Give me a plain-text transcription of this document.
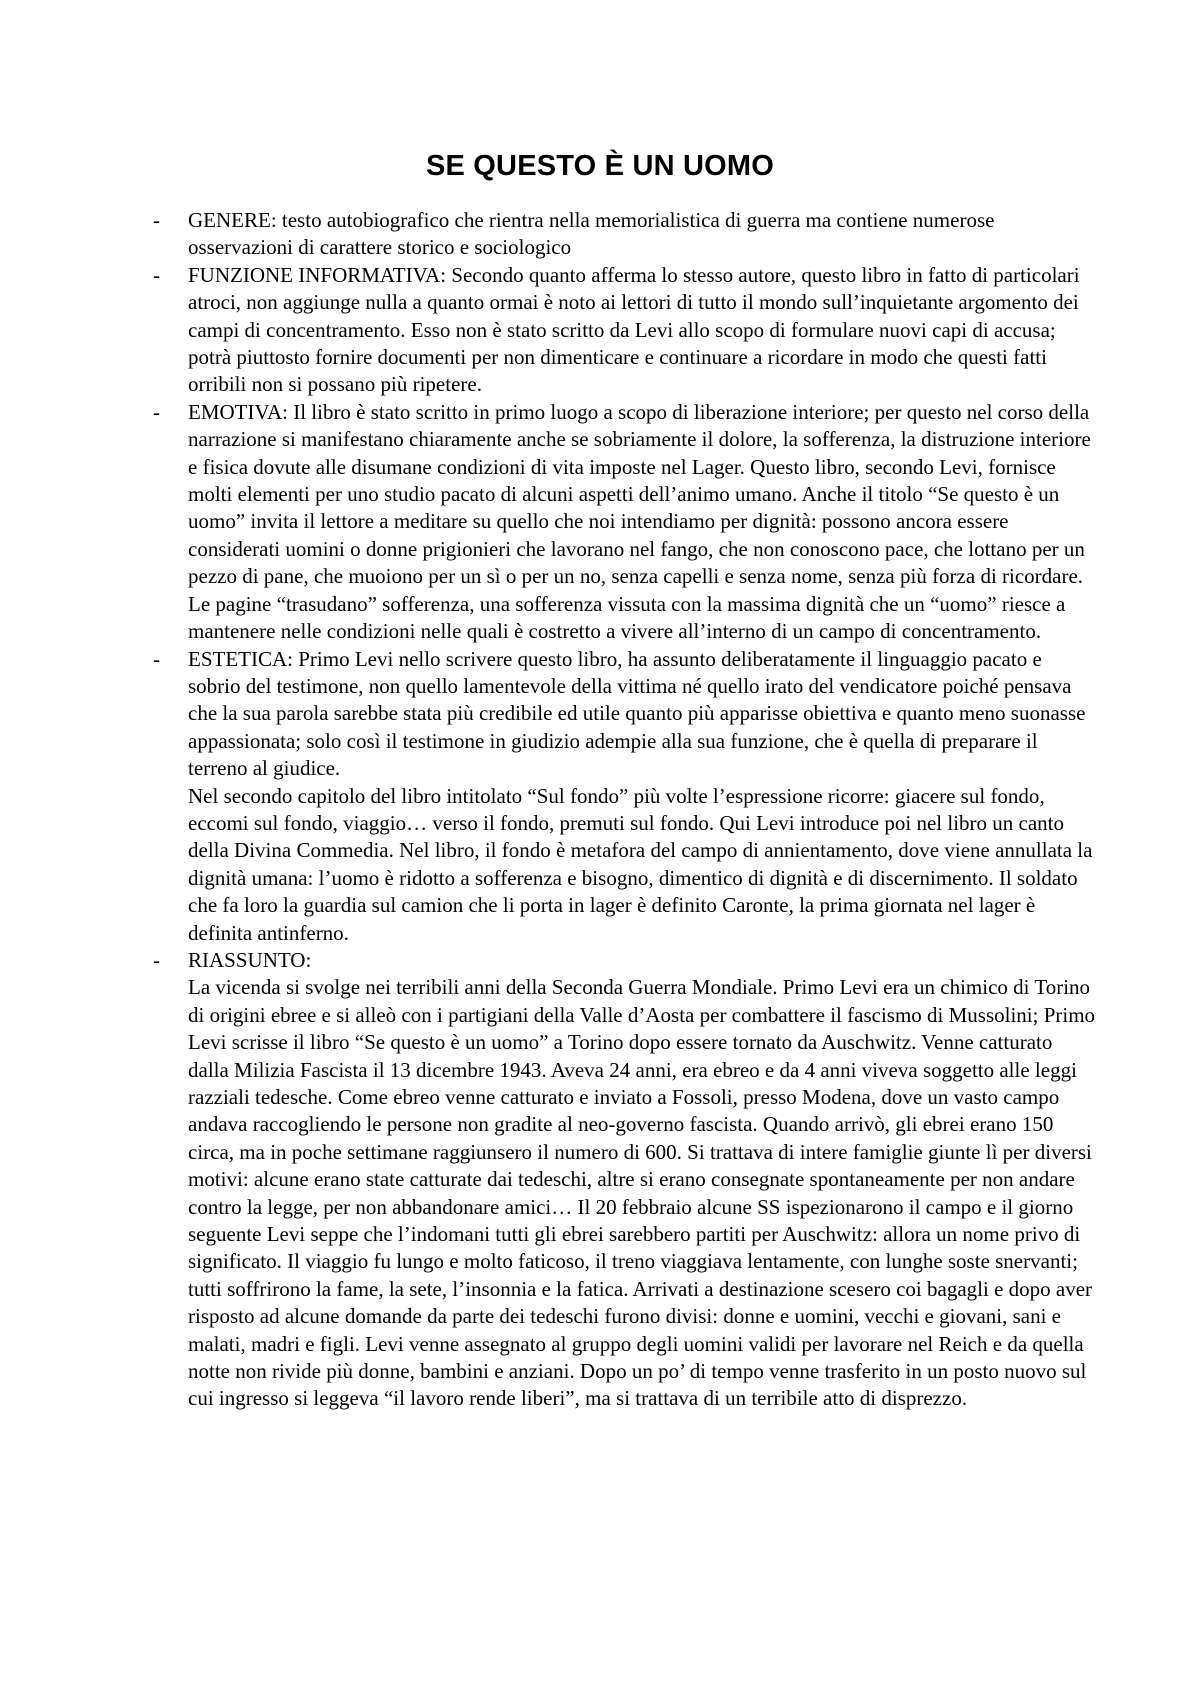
SE QUESTO È UN UOMO
- GENERE: testo autobiografico che rientra nella memorialistica di guerra ma contiene numerose osservazioni di carattere storico e sociologico

- FUNZIONE INFORMATIVA: Secondo quanto afferma lo stesso autore, questo libro in fatto di particolari atroci, non aggiunge nulla a quanto ormai è noto ai lettori di tutto il mondo sull’inquietante argomento dei campi di concentramento. Esso non è stato scritto da Levi allo scopo di formulare nuovi capi di accusa; potrà piuttosto fornire documenti per non dimenticare e continuare a ricordare in modo che questi fatti orribili non si possano più ripetere.

- EMOTIVA: Il libro è stato scritto in primo luogo a scopo di liberazione interiore; per questo nel corso della narrazione si manifestano chiaramente anche se sobriamente il dolore, la sofferenza, la distruzione interiore e fisica dovute alle disumane condizioni di vita imposte nel Lager. Questo libro, secondo Levi, fornisce molti elementi per uno studio pacato di alcuni aspetti dell’animo umano. Anche il titolo “Se questo è un uomo” invita il lettore a meditare su quello che noi intendiamo per dignità: possono ancora essere considerati uomini o donne prigionieri che lavorano nel fango, che non conoscono pace, che lottano per un pezzo di pane, che muoiono per un sì o per un no, senza capelli e senza nome, senza più forza di ricordare. Le pagine “trasudano” sofferenza, una sofferenza vissuta con la massima dignità che un “uomo” riesce a mantenere nelle condizioni nelle quali è costretto a vivere all’interno di un campo di concentramento.

- ESTETICA: Primo Levi nello scrivere questo libro, ha assunto deliberatamente il linguaggio pacato e sobrio del testimone, non quello lamentevole della vittima né quello irato del vendicatore poiché pensava che la sua parola sarebbe stata più credibile ed utile quanto più apparisse obiettiva e quanto meno suonasse appassionata; solo così il testimone in giudizio adempie alla sua funzione, che è quella di preparare il terreno al giudice.

Nel secondo capitolo del libro intitolato “Sul fondo” più volte l’espressione ricorre: giacere sul fondo, eccomi sul fondo, viaggio… verso il fondo, premuti sul fondo. Qui Levi introduce poi nel libro un canto della Divina Commedia. Nel libro, il fondo è metafora del campo di annientamento, dove viene annullata la dignità umana: l’uomo è ridotto a sofferenza e bisogno, dimentico di dignità e di discernimento. Il soldato che fa loro la guardia sul camion che li porta in lager è definito Caronte, la prima giornata nel lager è definita antinferno.

- RIASSUNTO:

La vicenda si svolge nei terribili anni della Seconda Guerra Mondiale. Primo Levi era un chimico di Torino di origini ebree e si alleò con i partigiani della Valle d’Aosta per combattere il fascismo di Mussolini; Primo Levi scrisse il libro “Se questo è un uomo” a Torino dopo essere tornato da Auschwitz. Venne catturato dalla Milizia Fascista il 13 dicembre 1943. Aveva 24 anni, era ebreo e da 4 anni viveva soggetto alle leggi razziali tedesche. Come ebreo venne catturato e inviato a Fossoli, presso Modena, dove un vasto campo andava raccogliendo le persone non gradite al neo-governo fascista. Quando arrivò, gli ebrei erano 150 circa, ma in poche settimane raggiunsero il numero di 600. Si trattava di intere famiglie giunte lì per diversi motivi: alcune erano state catturate dai tedeschi, altre si erano consegnate spontaneamente per non andare contro la legge, per non abbandonare amici… Il 20 febbraio alcune SS ispezionarono il campo e il giorno seguente Levi seppe che l’indomani tutti gli ebrei sarebbero partiti per Auschwitz: allora un nome privo di significato. Il viaggio fu lungo e molto faticoso, il treno viaggiava lentamente, con lunghe soste snervanti; tutti soffrirono la fame, la sete, l’insonnia e la fatica. Arrivati a destinazione scesero coi bagagli e dopo aver risposto ad alcune domande da parte dei tedeschi furono divisi: donne e uomini, vecchi e giovani, sani e malati, madri e figli. Levi venne assegnato al gruppo degli uomini validi per lavorare nel Reich e da quella notte non rivide più donne, bambini e anziani. Dopo un po’ di tempo venne trasferito in un posto nuovo sul cui ingresso si leggeva “il lavoro rende liberi”, ma si trattava di un terribile atto di disprezzo.
